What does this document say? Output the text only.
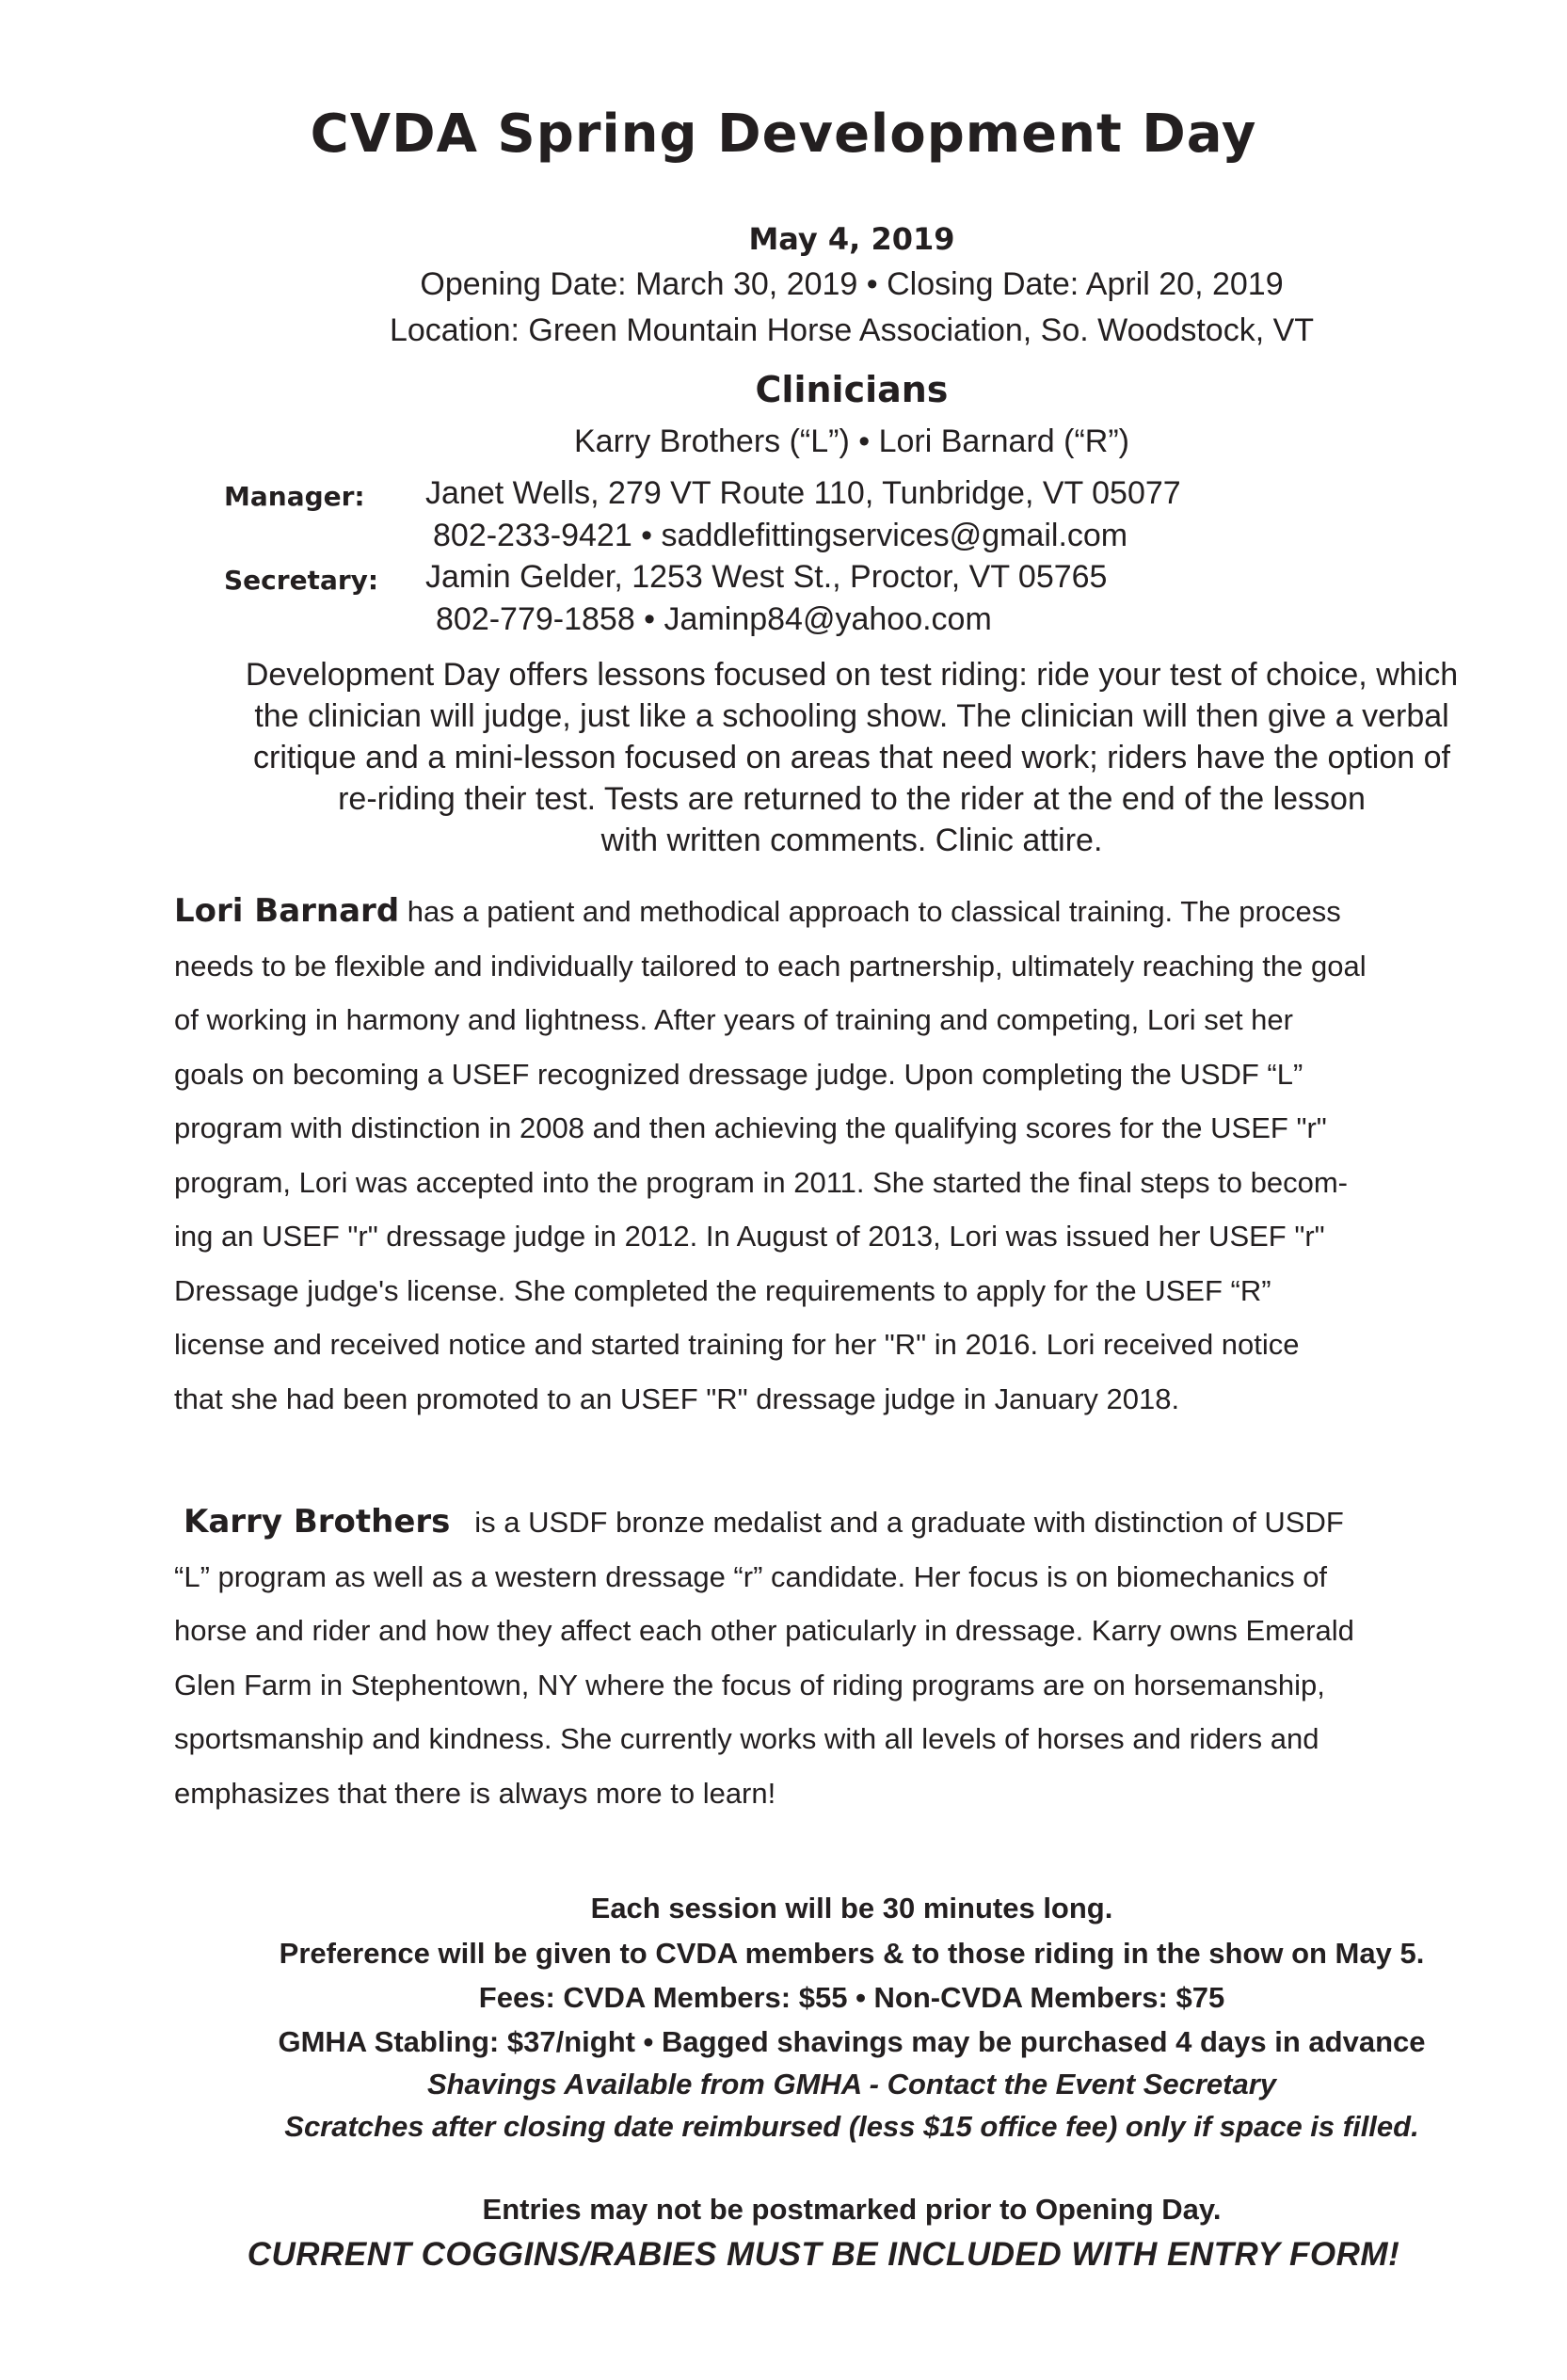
CVDA Spring Development Day
May 4, 2019
Opening Date: March 30, 2019 • Closing Date: April 20, 2019
Location: Green Mountain Horse Association, So. Woodstock, VT
Clinicians
Karry Brothers (“L”) • Lori Barnard (“R”)
Manager: Janet Wells, 279 VT Route 110, Tunbridge, VT 05077
802-233-9421 • saddlefittingservices@gmail.com
Secretary: Jamin Gelder, 1253 West St., Proctor, VT 05765
802-779-1858 • Jaminp84@yahoo.com
Development Day offers lessons focused on test riding: ride your test of choice, which
the clinician will judge, just like a schooling show. The clinician will then give a verbal
critique and a mini-lesson focused on areas that need work; riders have the option of
re-riding their test. Tests are returned to the rider at the end of the lesson
with written comments. Clinic attire.
Lori Barnard has a patient and methodical approach to classical training. The process
needs to be flexible and individually tailored to each partnership, ultimately reaching the goal
of working in harmony and lightness. After years of training and competing, Lori set her
goals on becoming a USEF recognized dressage judge. Upon completing the USDF “L”
program with distinction in 2008 and then achieving the qualifying scores for the USEF "r"
program, Lori was accepted into the program in 2011. She started the final steps to becom-
ing an USEF "r" dressage judge in 2012. In August of 2013, Lori was issued her USEF "r"
Dressage judge's license. She completed the requirements to apply for the USEF “R”
license and received notice and started training for her "R" in 2016. Lori received notice
that she had been promoted to an USEF "R" dressage judge in January 2018.
Karry Brothers   is a USDF bronze medalist and a graduate with distinction of USDF
“L” program as well as a western dressage “r” candidate. Her focus is on biomechanics of
horse and rider and how they affect each other paticularly in dressage. Karry owns Emerald
Glen Farm in Stephentown, NY where the focus of riding programs are on horsemanship,
sportsmanship and kindness. She currently works with all levels of horses and riders and
emphasizes that there is always more to learn!
Each session will be 30 minutes long.
Preference will be given to CVDA members & to those riding in the show on May 5.
Fees: CVDA Members: $55 • Non-CVDA Members: $75
GMHA Stabling: $37/night • Bagged shavings may be purchased 4 days in advance
Shavings Available from GMHA - Contact the Event Secretary
Scratches after closing date reimbursed (less $15 office fee) only if space is filled.
Entries may not be postmarked prior to Opening Day.
CURRENT COGGINS/RABIES MUST BE INCLUDED WITH ENTRY FORM!
